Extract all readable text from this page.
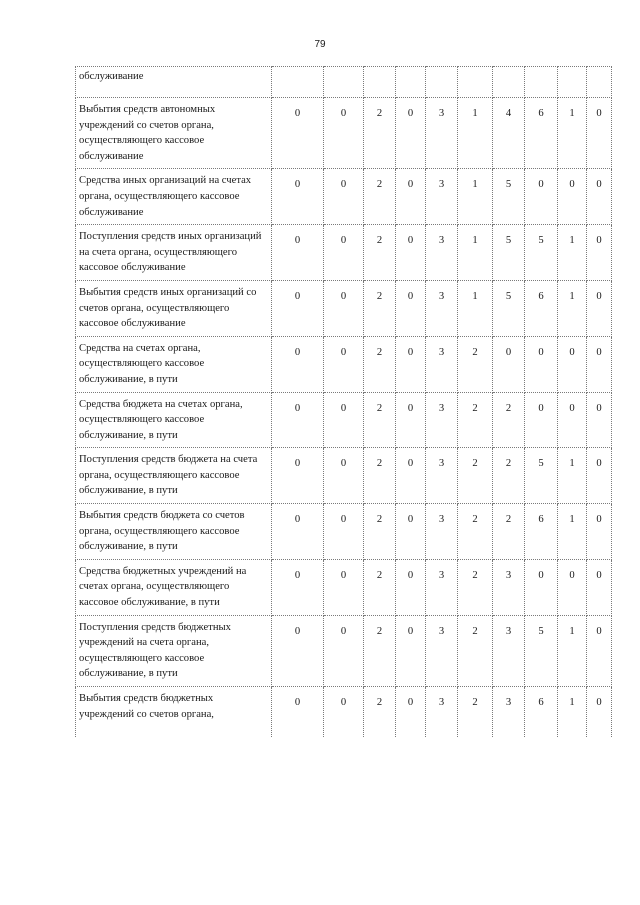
79
обслуживание										
Выбытия средств автономных учреждений со счетов органа, осуществляющего кассовое обслуживание	0	0	2	0	3	1	4	6	1	0
Средства иных организаций на счетах органа, осуществляющего кассовое обслуживание	0	0	2	0	3	1	5	0	0	0
Поступления средств иных организаций на счета органа, осуществляющего кассовое обслуживание	0	0	2	0	3	1	5	5	1	0
Выбытия средств иных организаций со счетов органа, осуществляющего кассовое обслуживание	0	0	2	0	3	1	5	6	1	0
Средства на счетах органа, осуществляющего кассовое обслуживание, в пути	0	0	2	0	3	2	0	0	0	0
Средства бюджета на счетах органа, осуществляющего кассовое обслуживание, в пути	0	0	2	0	3	2	2	0	0	0
Поступления средств бюджета на счета органа, осуществляющего кассовое обслуживание, в пути	0	0	2	0	3	2	2	5	1	0
Выбытия средств бюджета со счетов органа, осуществляющего кассовое обслуживание, в пути	0	0	2	0	3	2	2	6	1	0
Средства бюджетных учреждений на счетах органа, осуществляющего кассовое обслуживание, в пути	0	0	2	0	3	2	3	0	0	0
Поступления средств бюджетных учреждений на счета органа, осуществляющего кассовое обслуживание, в пути	0	0	2	0	3	2	3	5	1	0
Выбытия средств бюджетных учреждений со счетов органа,	0	0	2	0	3	2	3	6	1	0
